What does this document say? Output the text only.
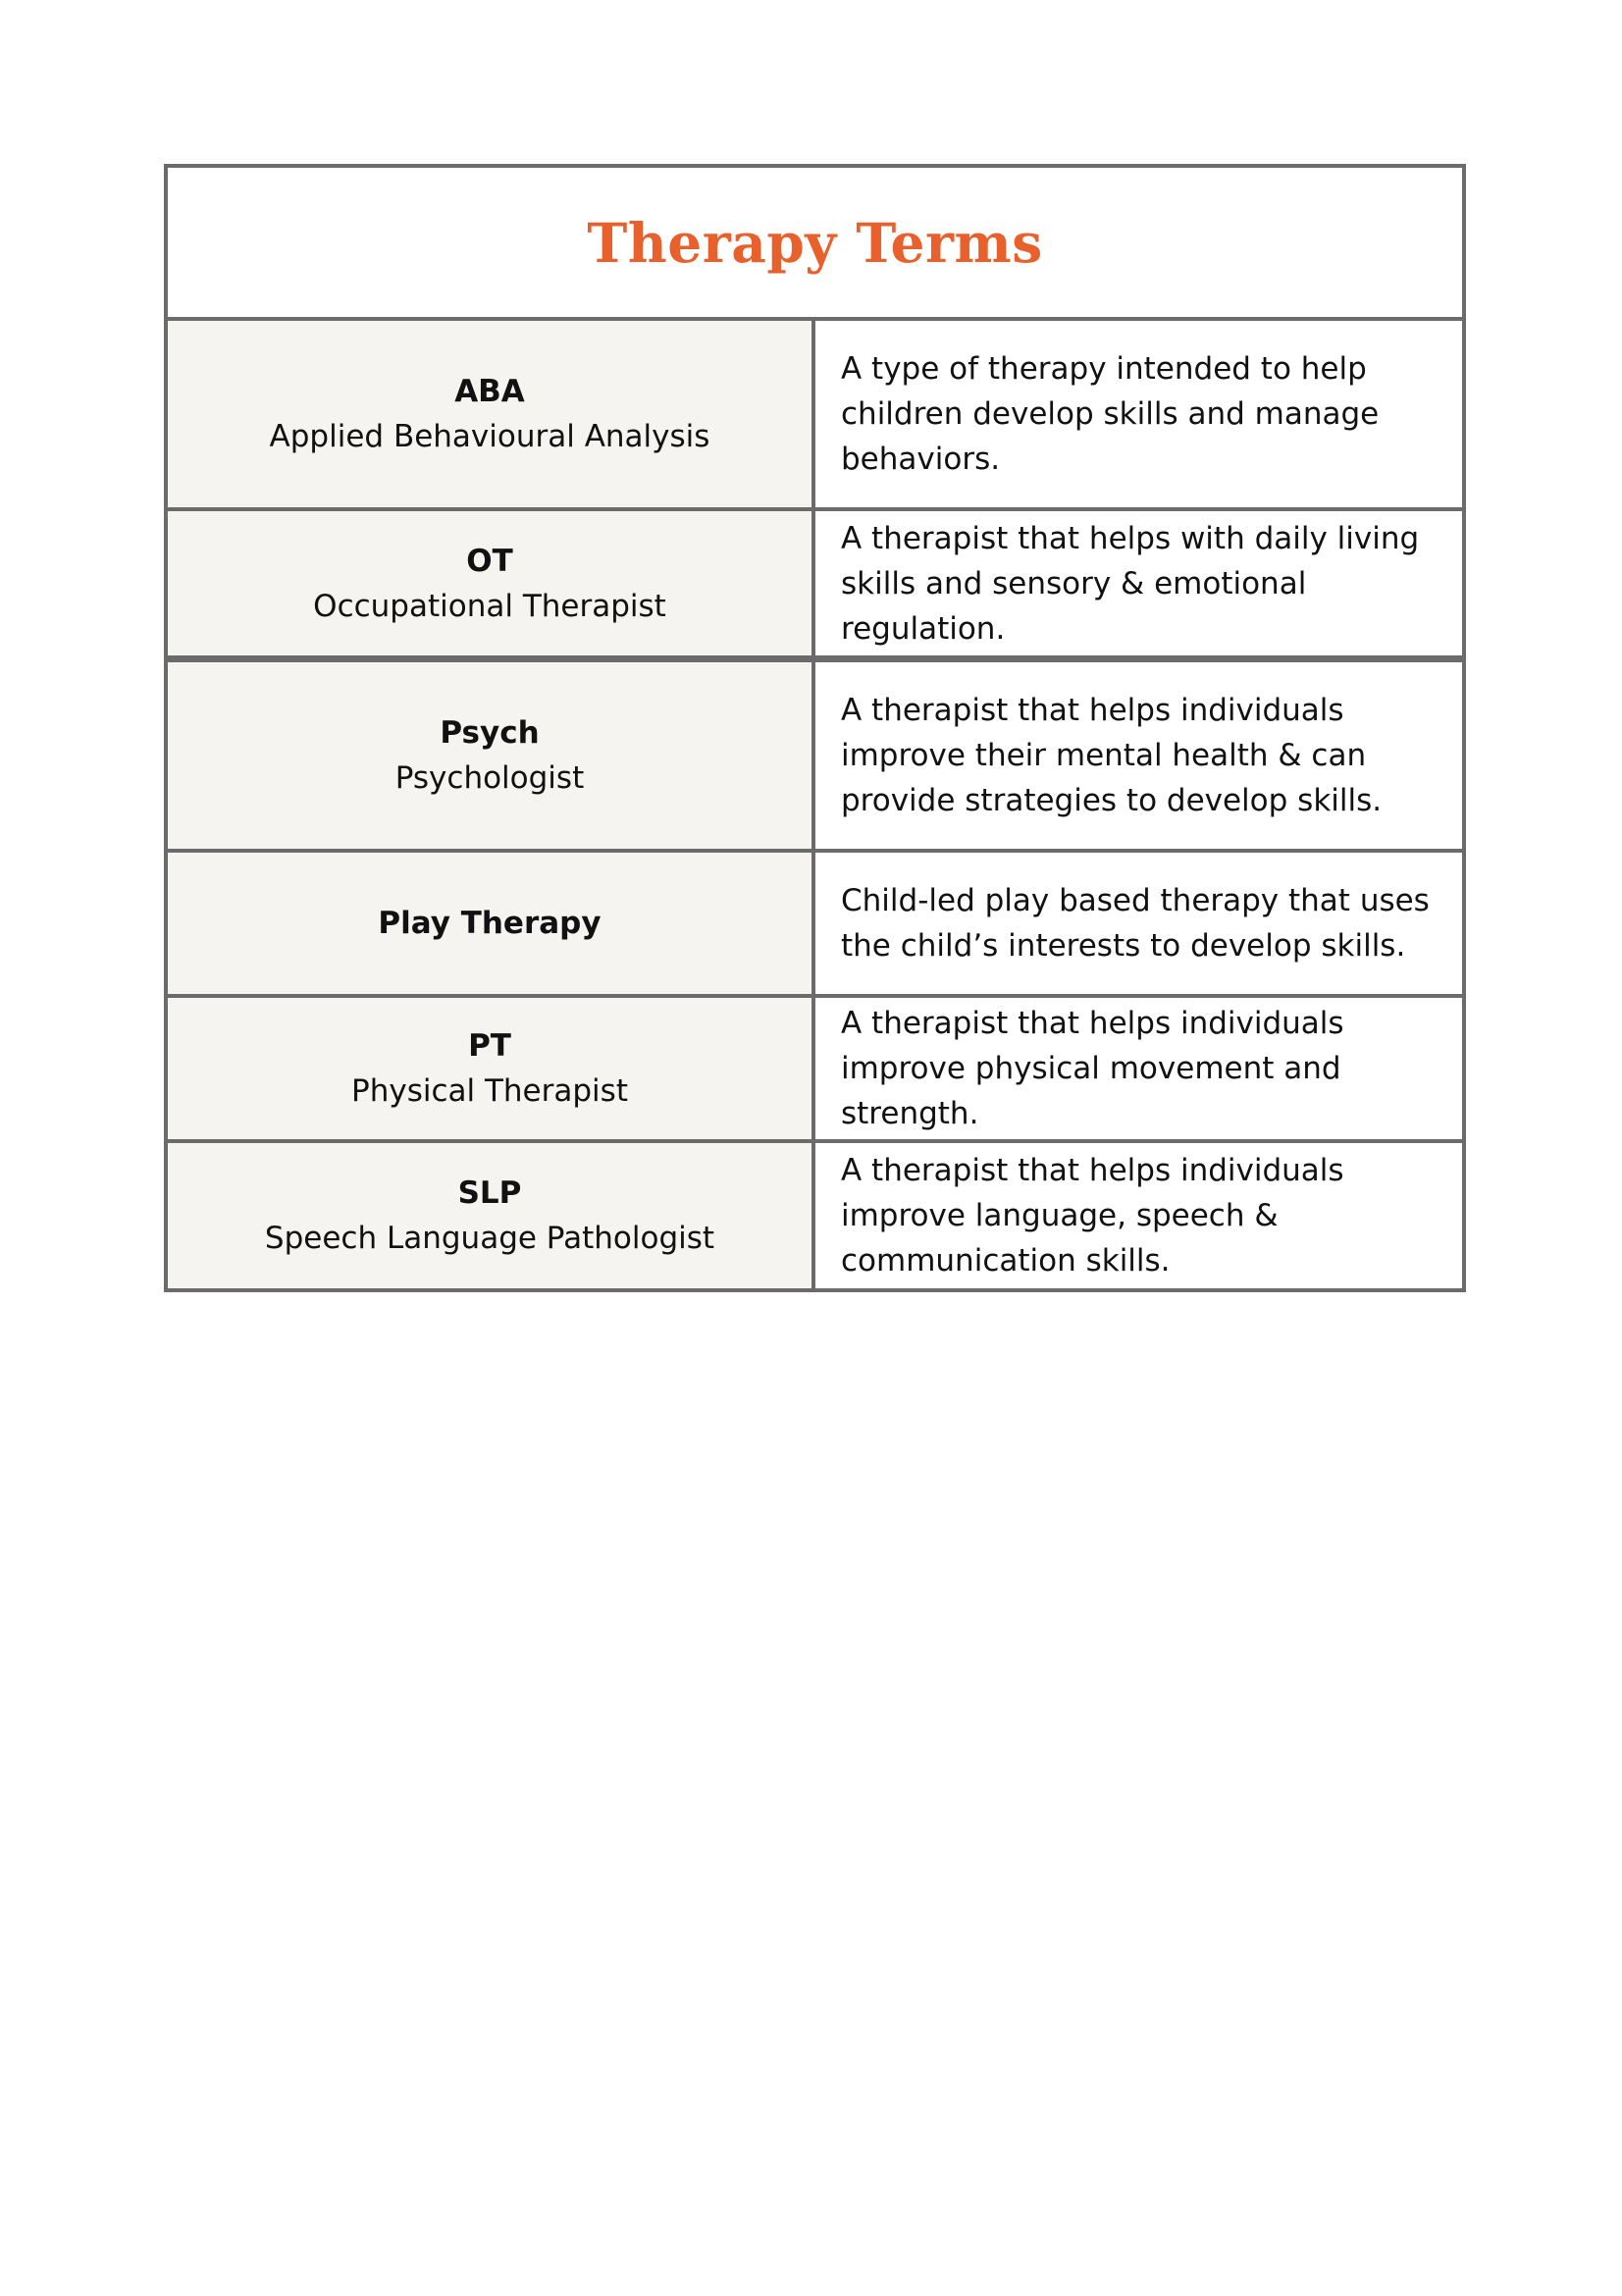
Therapy Terms
ABA
Applied Behavioural Analysis
A type of therapy intended to help children develop skills and manage behaviors.
OT
Occupational Therapist
A therapist that helps with daily living skills and sensory & emotional regulation.
Psych
Psychologist
A therapist that helps individuals improve their mental health & can provide strategies to develop skills.
Play Therapy
Child-led play based therapy that uses the child’s interests to develop skills.
PT
Physical Therapist
A therapist that helps individuals improve physical movement and strength.
SLP
Speech Language Pathologist
A therapist that helps individuals improve language, speech & communication skills.
